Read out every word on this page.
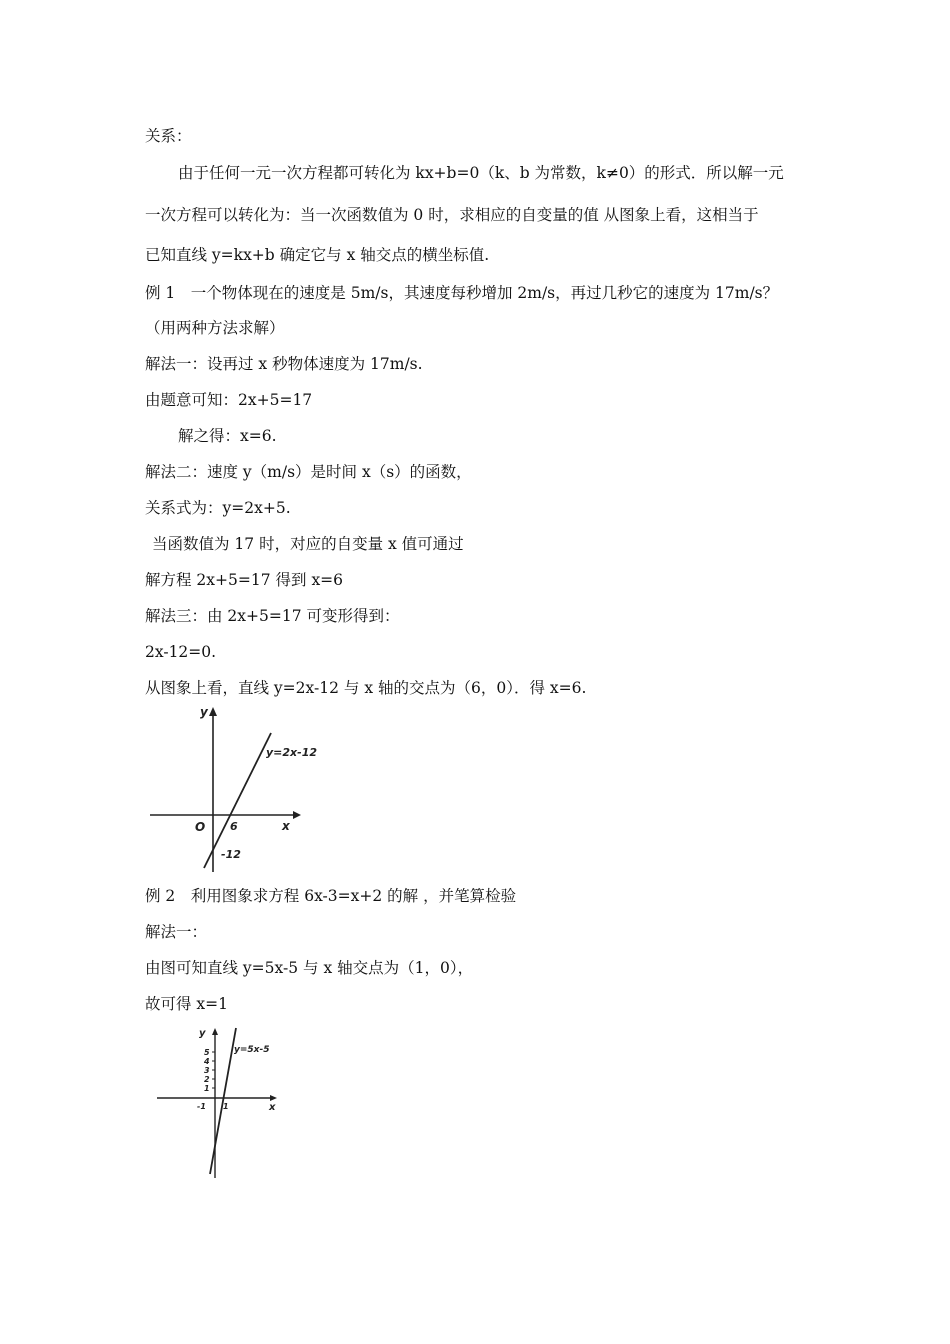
关系：
由于任何一元一次方程都可转化为 kx+b=0（k、b 为常数，k≠0）的形式．所以解一元
一次方程可以转化为：当一次函数值为 0 时，求相应的自变量的值 从图象上看，这相当于
已知直线 y=kx+b 确定它与 x 轴交点的横坐标值.
例 1　一个物体现在的速度是 5m/s，其速度每秒增加 2m/s，再过几秒它的速度为 17m/s？
（用两种方法求解）
解法一：设再过 x 秒物体速度为 17m/s.
由题意可知：2x+5=17
解之得：x=6.
解法二：速度 y（m/s）是时间 x（s）的函数，
关系式为：y=2x+5.
当函数值为 17 时，对应的自变量 x 值可通过
解方程 2x+5=17 得到 x=6
解法三：由 2x+5=17 可变形得到：
2x-12=0.
从图象上看，直线 y=2x-12 与 x 轴的交点为（6，0）．得 x=6.
y
x
O 6
-12
y=2x-12
例 2　利用图象求方程 6x-3=x+2 的解 ，并笔算检验
解法一：
由图可知直线 y=5x-5 与 x 轴交点为（1，0），
故可得 x=1
y
x
5
4
3
2
1
-1 1
y=5x-5
